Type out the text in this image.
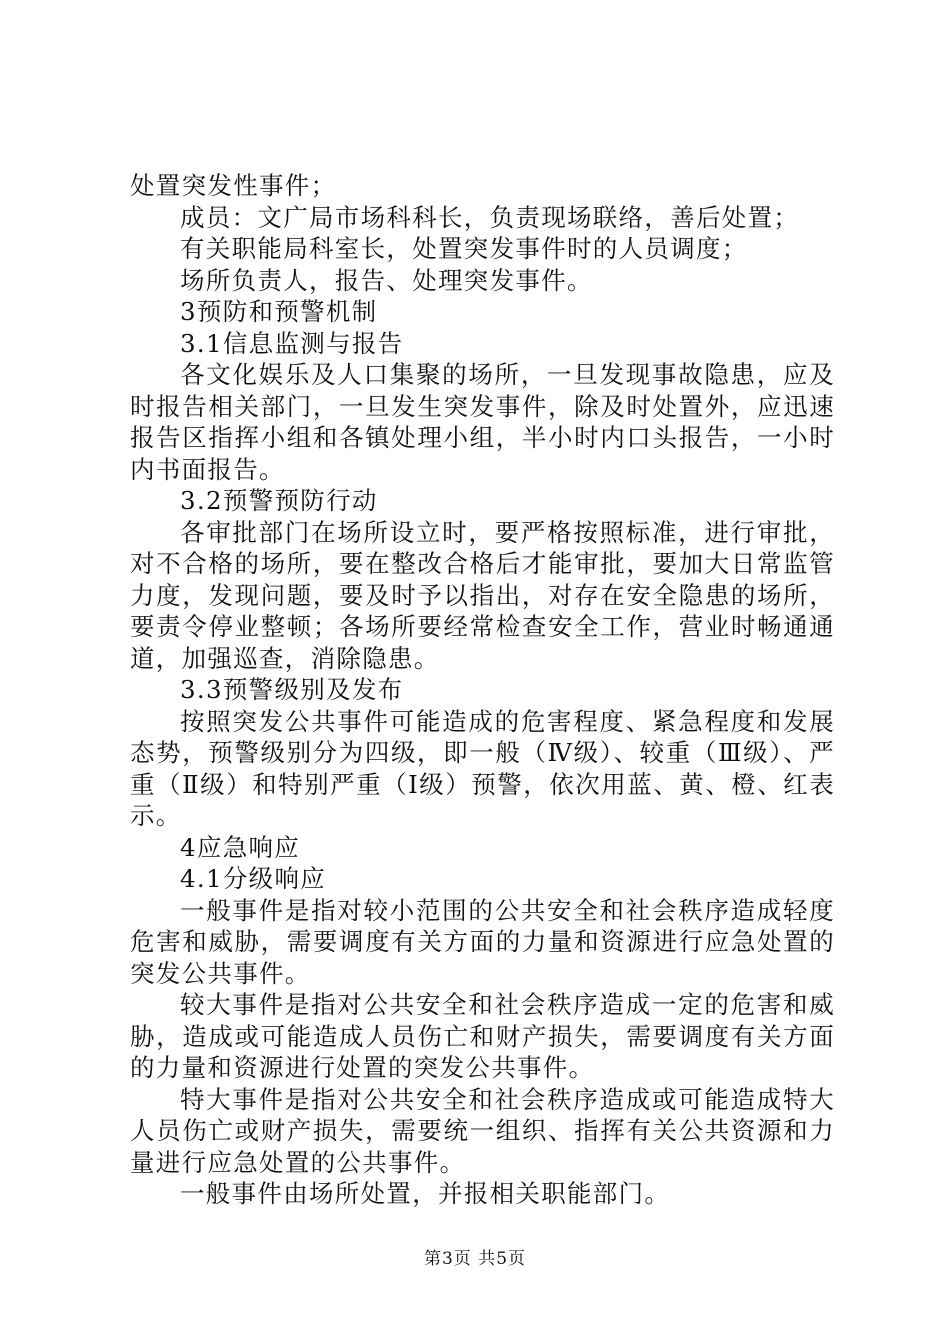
处置突发性事件；

成员：文广局市场科科长，负责现场联络，善后处置；

有关职能局科室长，处置突发事件时的人员调度；

场所负责人，报告、处理突发事件。

3预防和预警机制

3.1信息监测与报告

各文化娱乐及人口集聚的场所，一旦发现事故隐患，应及时报告相关部门，一旦发生突发事件，除及时处置外，应迅速报告区指挥小组和各镇处理小组，半小时内口头报告，一小时内书面报告。

3.2预警预防行动

各审批部门在场所设立时，要严格按照标准，进行审批，对不合格的场所，要在整改合格后才能审批，要加大日常监管力度，发现问题，要及时予以指出，对存在安全隐患的场所，要责令停业整顿；各场所要经常检查安全工作，营业时畅通通道，加强巡查，消除隐患。

3.3预警级别及发布

按照突发公共事件可能造成的危害程度、紧急程度和发展态势，预警级别分为四级，即一般（Ⅳ级）、较重（Ⅲ级）、严重（Ⅱ级）和特别严重（Ⅰ级）预警，依次用蓝、黄、橙、红表示。

4应急响应

4.1分级响应

一般事件是指对较小范围的公共安全和社会秩序造成轻度危害和威胁，需要调度有关方面的力量和资源进行应急处置的突发公共事件。

较大事件是指对公共安全和社会秩序造成一定的危害和威胁，造成或可能造成人员伤亡和财产损失，需要调度有关方面的力量和资源进行处置的突发公共事件。

特大事件是指对公共安全和社会秩序造成或可能造成特大人员伤亡或财产损失，需要统一组织、指挥有关公共资源和力量进行应急处置的公共事件。

一般事件由场所处置，并报相关职能部门。

第3页 共5页
